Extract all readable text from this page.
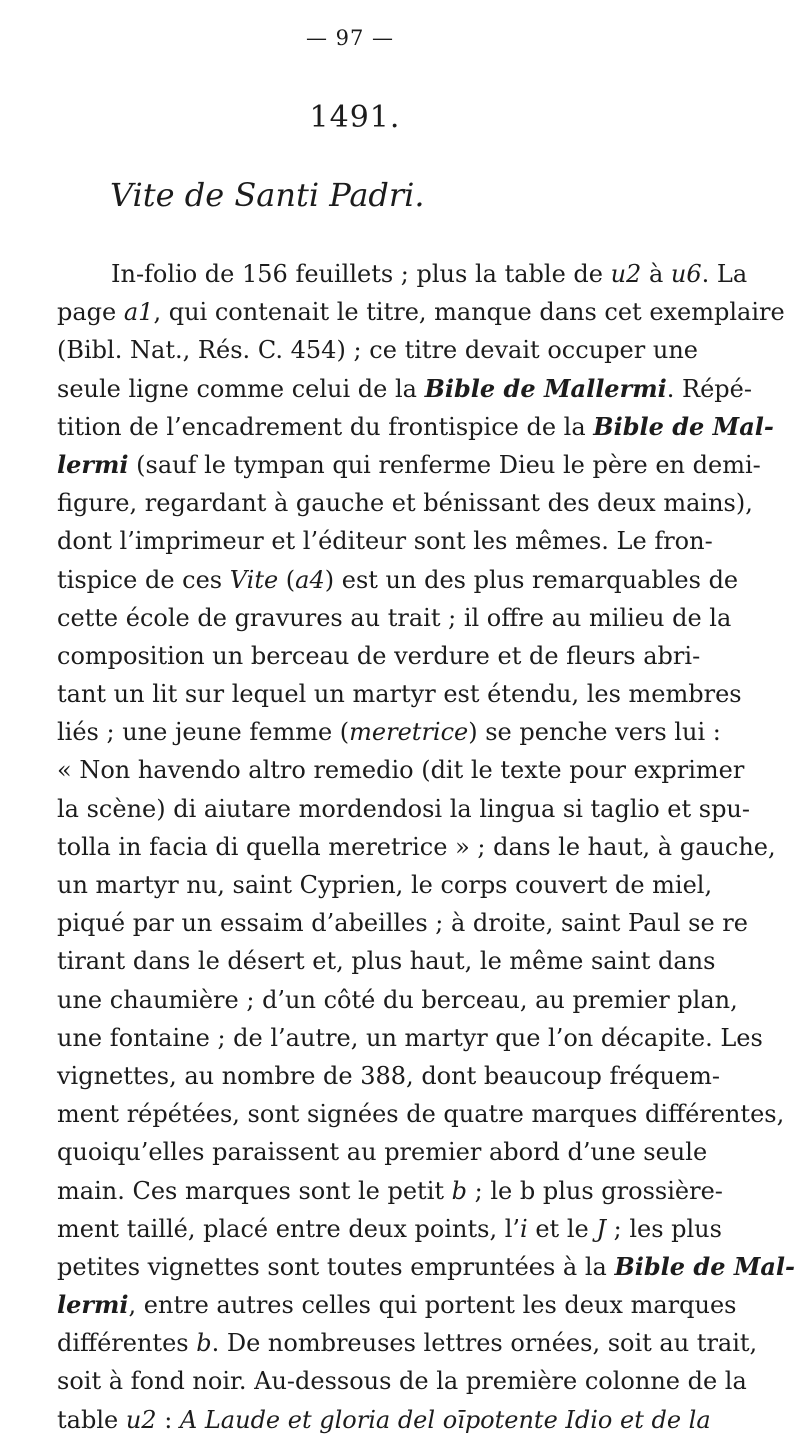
— 97 —
1491.
Vite de Santi Padri.
In-folio de 156 feuillets ; plus la table de u2 à u6. La
page a1, qui contenait le titre, manque dans cet exemplaire
(Bibl. Nat., Rés. C. 454) ; ce titre devait occuper une
seule ligne comme celui de la Bible de Mallermi. Répé-
tition de l’encadrement du frontispice de la Bible de Mal-
lermi (sauf le tympan qui renferme Dieu le père en demi-
figure, regardant à gauche et bénissant des deux mains),
dont l’imprimeur et l’éditeur sont les mêmes. Le fron-
tispice de ces Vite (a4) est un des plus remarquables de
cette école de gravures au trait ; il offre au milieu de la
composition un berceau de verdure et de fleurs abri-
tant un lit sur lequel un martyr est étendu, les membres
liés ; une jeune femme (meretrice) se penche vers lui :
« Non havendo altro remedio (dit le texte pour exprimer
la scène) di aiutare mordendosi la lingua si taglio et spu-
tolla in facia di quella meretrice » ; dans le haut, à gauche,
un martyr nu, saint Cyprien, le corps couvert de miel,
piqué par un essaim d’abeilles ; à droite, saint Paul se re
tirant dans le désert et, plus haut, le même saint dans
une chaumière ; d’un côté du berceau, au premier plan,
une fontaine ; de l’autre, un martyr que l’on décapite. Les
vignettes, au nombre de 388, dont beaucoup fréquem-
ment répétées, sont signées de quatre marques différentes,
quoiqu’elles paraissent au premier abord d’une seule
main. Ces marques sont le petit b ; le b plus grossière-
ment taillé, placé entre deux points, l’i et le J ; les plus
petites vignettes sont toutes empruntées à la Bible de Mal-
lermi, entre autres celles qui portent les deux marques
différentes b. De nombreuses lettres ornées, soit au trait,
soit à fond noir. Au-dessous de la première colonne de la
table u2 : A Laude et gloria del oīpotente Idio et de la
